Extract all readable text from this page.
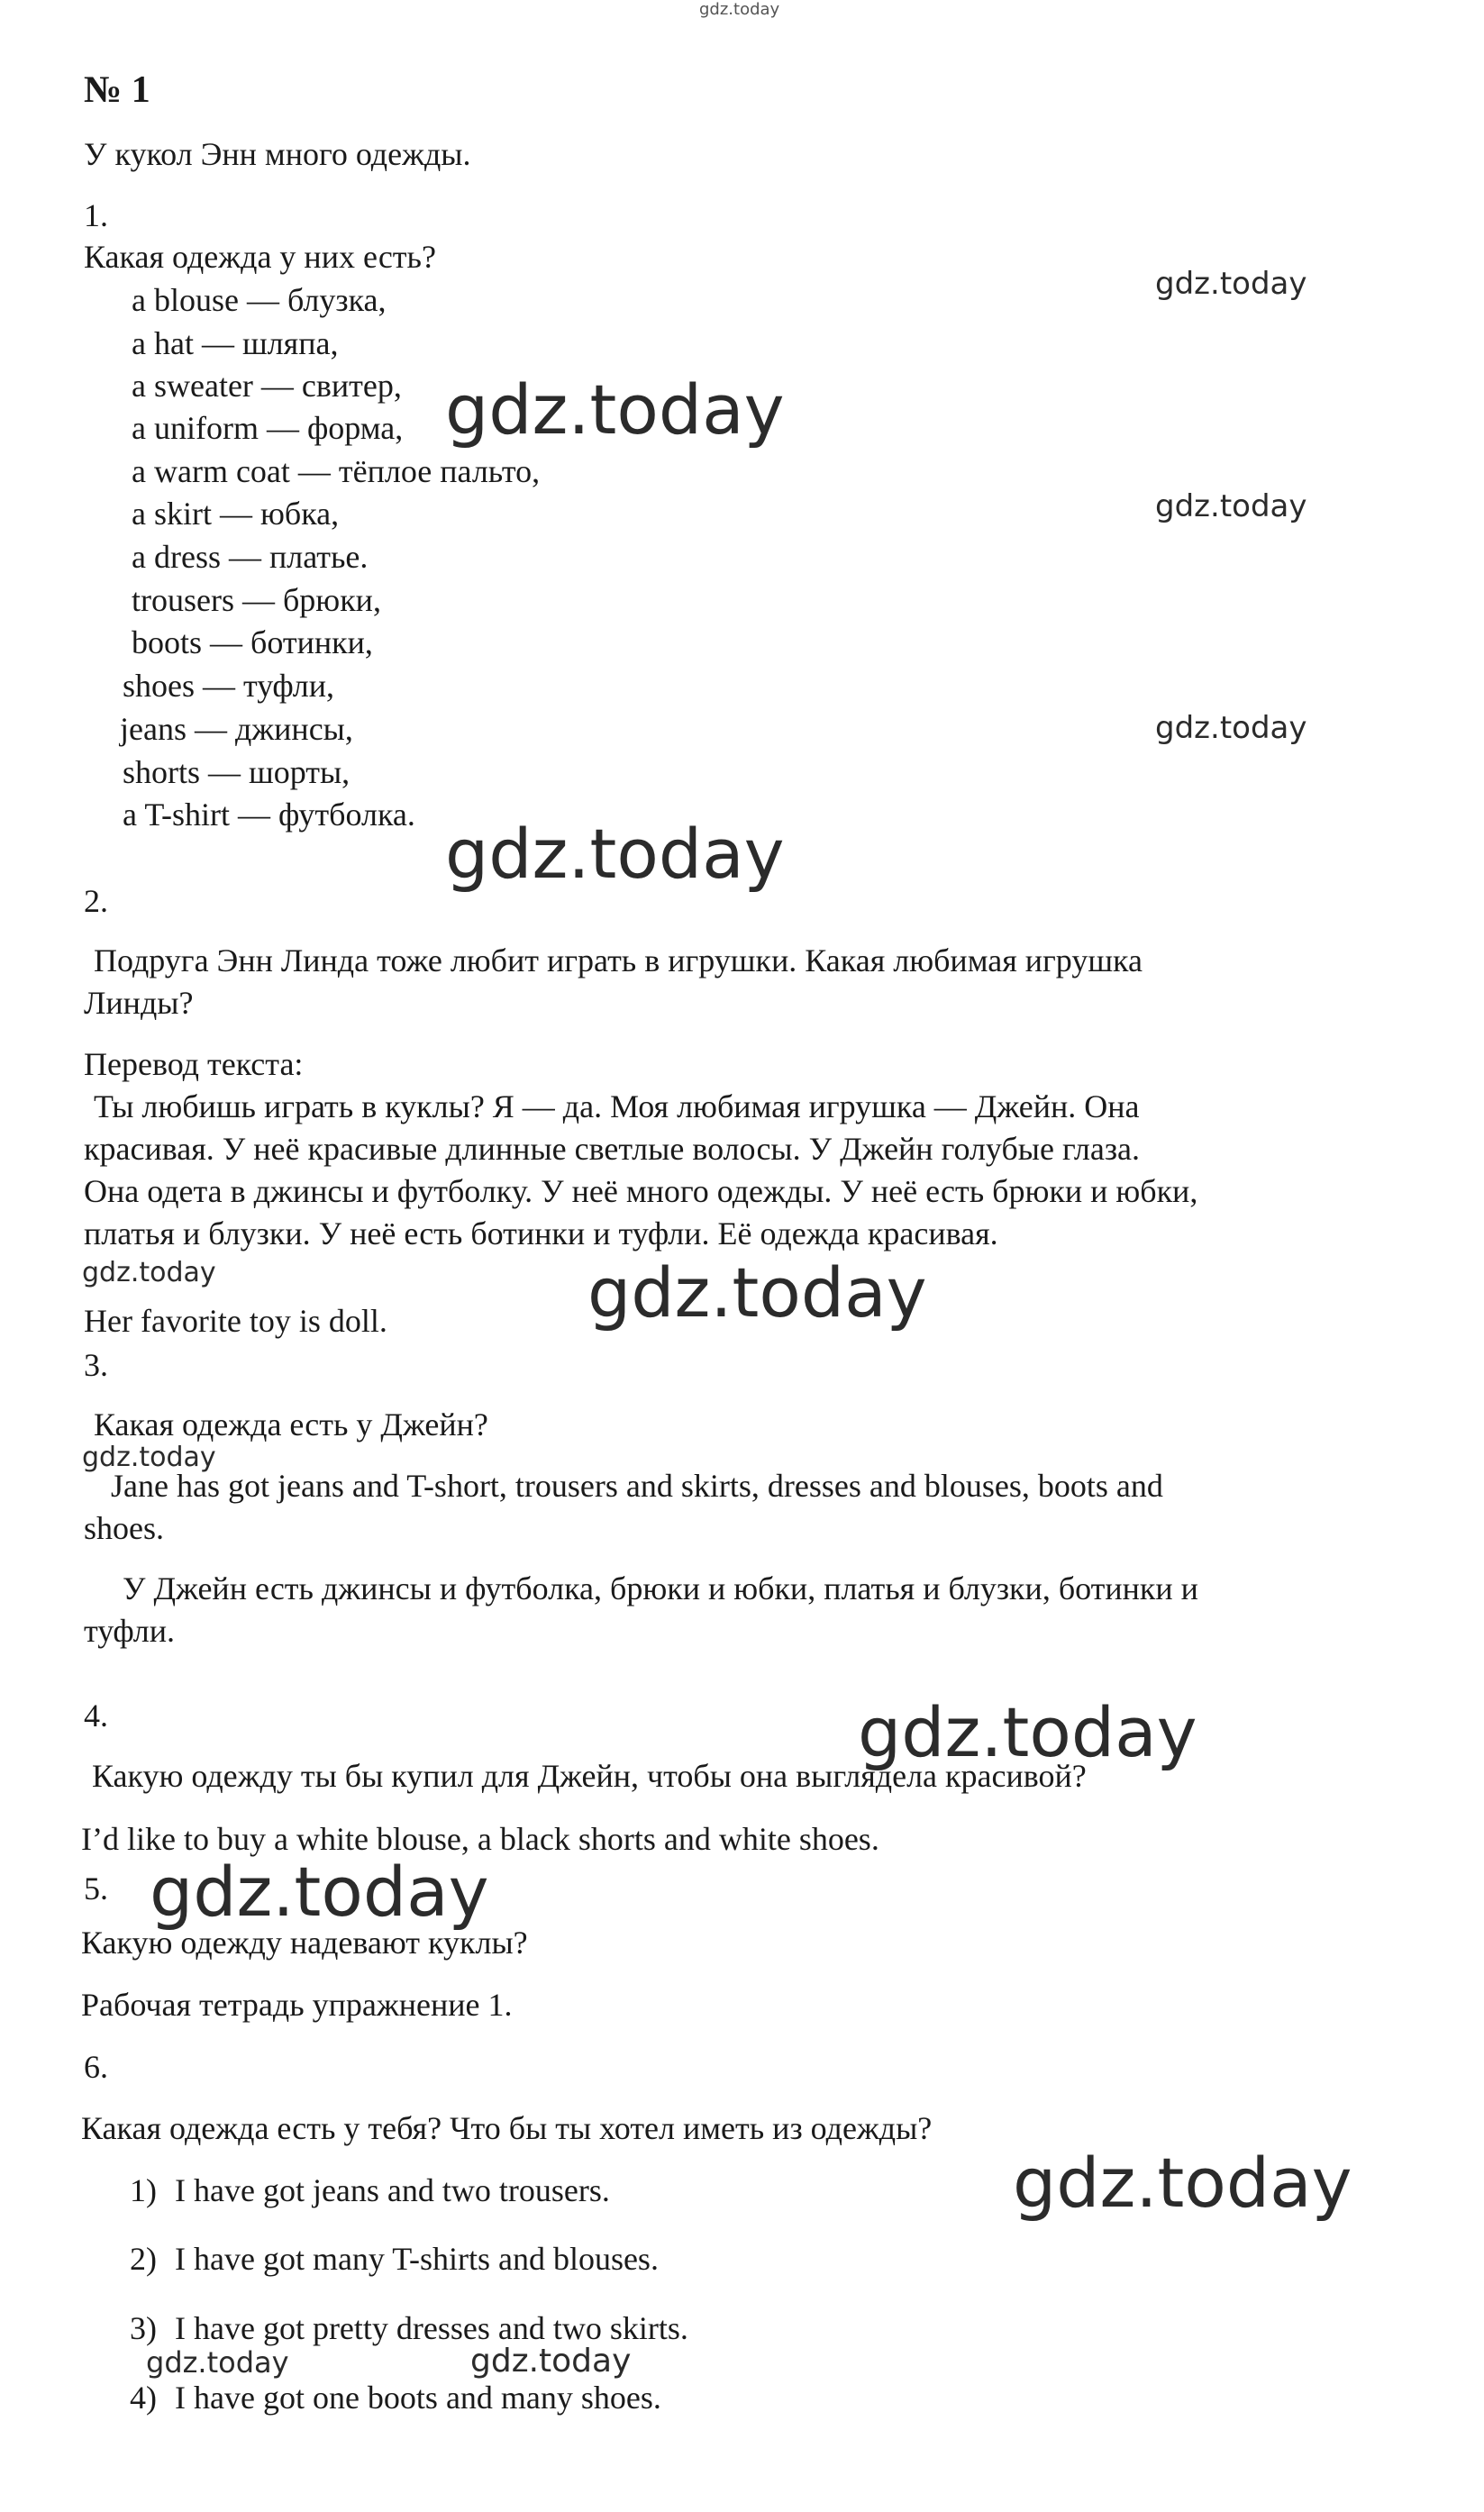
gdz.today
№ 1
У кукол Энн много одежды.
1.
Какая одежда у них есть?
a blouse — блузка,
a hat — шляпа,
a sweater — свитер,
a uniform — форма,
a warm coat — тёплое пальто,
a skirt — юбка,
a dress — платье.
trousers — брюки,
boots — ботинки,
shoes — туфли,
jeans — джинсы,
shorts — шорты,
a T-shirt — футболка.
2.
Подруга Энн Линда тоже любит играть в игрушки. Какая любимая игрушка
Линды?
Перевод текста:
Ты любишь играть в куклы? Я — да. Моя любимая игрушка — Джейн. Она
красивая. У неё красивые длинные светлые волосы. У Джейн голубые глаза.
Она одета в джинсы и футболку. У неё много одежды. У неё есть брюки и юбки,
платья и блузки. У неё есть ботинки и туфли. Её одежда красивая.
Her favorite toy is doll.
3.
Какая одежда есть у Джейн?
Jane has got jeans and T-short, trousers and skirts, dresses and blouses, boots and
shoes.
У Джейн есть джинсы и футболка, брюки и юбки, платья и блузки, ботинки и
туфли.
4.
Какую одежду ты бы купил для Джейн, чтобы она выглядела красивой?
I’d like to buy a white blouse, a black shorts and white shoes.
5.
Какую одежду надевают куклы?
Рабочая тетрадь упражнение 1.
6.
Какая одежда есть у тебя? Что бы ты хотел иметь из одежды?
1) I have got jeans and two trousers.
2) I have got many T-shirts and blouses.
3) I have got pretty dresses and two skirts.
4) I have got one boots and many shoes.
gdz.today
gdz.today
gdz.today
gdz.today
gdz.today
gdz.today	gdz.today
gdz.today
gdz.today
gdz.today
gdz.today
gdz.today	gdz.today
